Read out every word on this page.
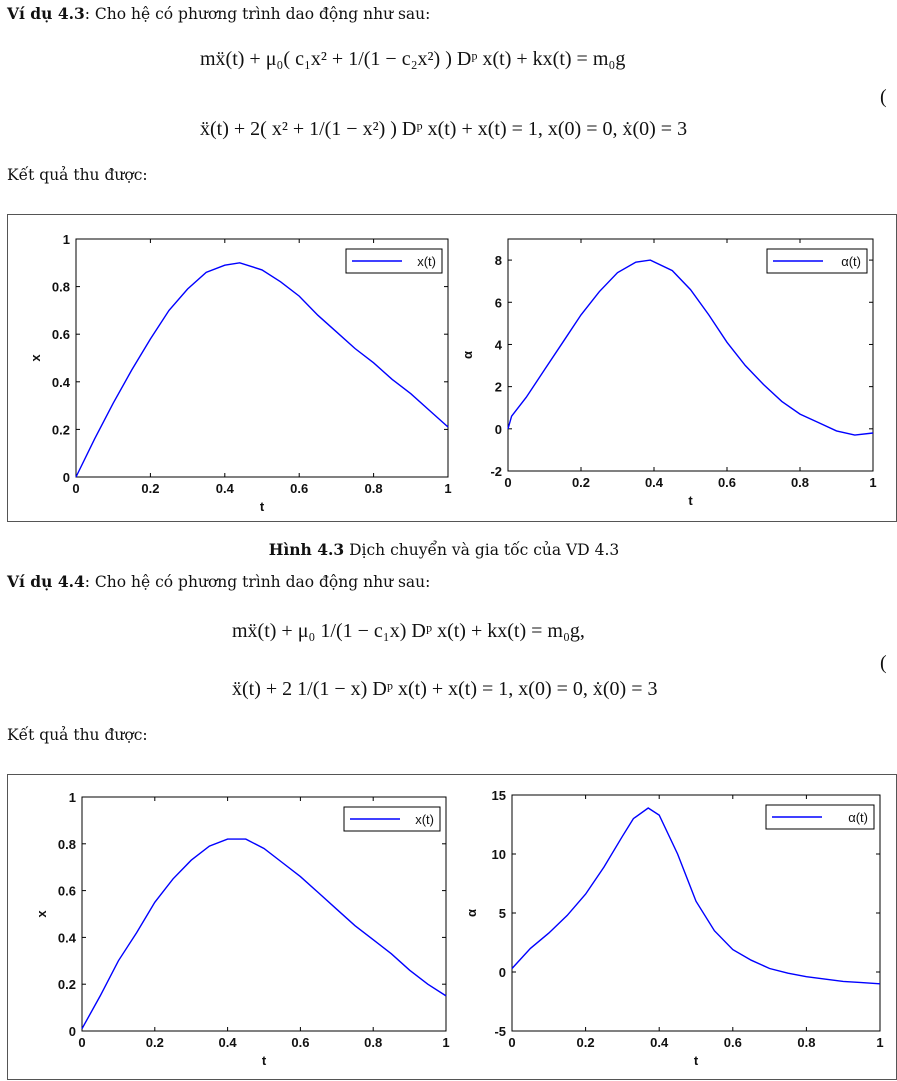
Ví dụ 4.3: Cho hệ có phương trình dao động như sau:
mẍ(t) + μ₀( c₁x² + 1/(1 − c₂x²) ) Dᵖ x(t) + kx(t) = m₀g
ẍ(t) + 2( x² + 1/(1 − x²) ) Dᵖ x(t) + x(t) = 1, x(0) = 0, ẋ(0) = 3
(
Kết quả thu được:
0	0.2	0.4	0.6	0.8	1
0
0.2
0.4
0.6
0.8
1
t
x
x(t)
0	0.2	0.4	0.6	0.8	1
-2
0
2
4
6
8
t
α
α(t)
Hình 4.3 Dịch chuyển và gia tốc của VD 4.3
Ví dụ 4.4: Cho hệ có phương trình dao động như sau:
mẍ(t) + μ₀ 1/(1 − c₁x) Dᵖ x(t) + kx(t) = m₀g,
ẍ(t) + 2 1/(1 − x) Dᵖ x(t) + x(t) = 1, x(0) = 0, ẋ(0) = 3
(
Kết quả thu được:
0	0.2	0.4	0.6	0.8	1
0
0.2
0.4
0.6
0.8
1
t
x
x(t)
0	0.2	0.4	0.6	0.8	1
-5
0
5
10
15
t
α
α(t)
